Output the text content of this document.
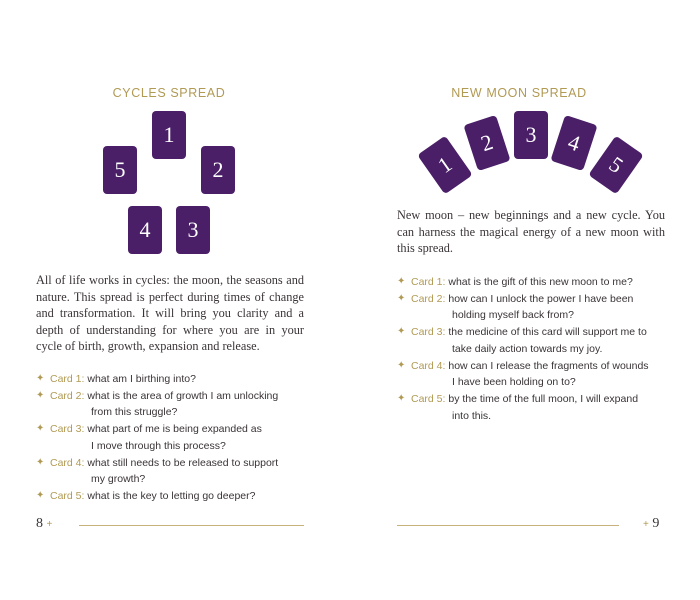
CYCLES SPREAD
1
5	2
4	3

All of life works in cycles: the moon, the seasons and nature. This spread is perfect during times of change and transformation. It will bring you clarity and a depth of understanding for where you are in your cycle of birth, growth, expansion and release.

✦ Card 1: what am I birthing into?
✦ Card 2: what is the area of growth I am unlocking
from this struggle?
✦ Card 3: what part of me is being expanded as
I move through this process?
✦ Card 4: what still needs to be released to support
my growth?
✦ Card 5: what is the key to letting go deeper?
8 +
NEW MOON SPREAD
1
2	3	4
5

New moon – new beginnings and a new cycle. You can harness the magical energy of a new moon with this spread.

✦ Card 1: what is the gift of this new moon to me?
✦ Card 2: how can I unlock the power I have been
holding myself back from?
✦ Card 3: the medicine of this card will support me to
take daily action towards my joy.
✦ Card 4: how can I release the fragments of wounds
I have been holding on to?
✦ Card 5: by the time of the full moon, I will expand
into this.
+ 9
